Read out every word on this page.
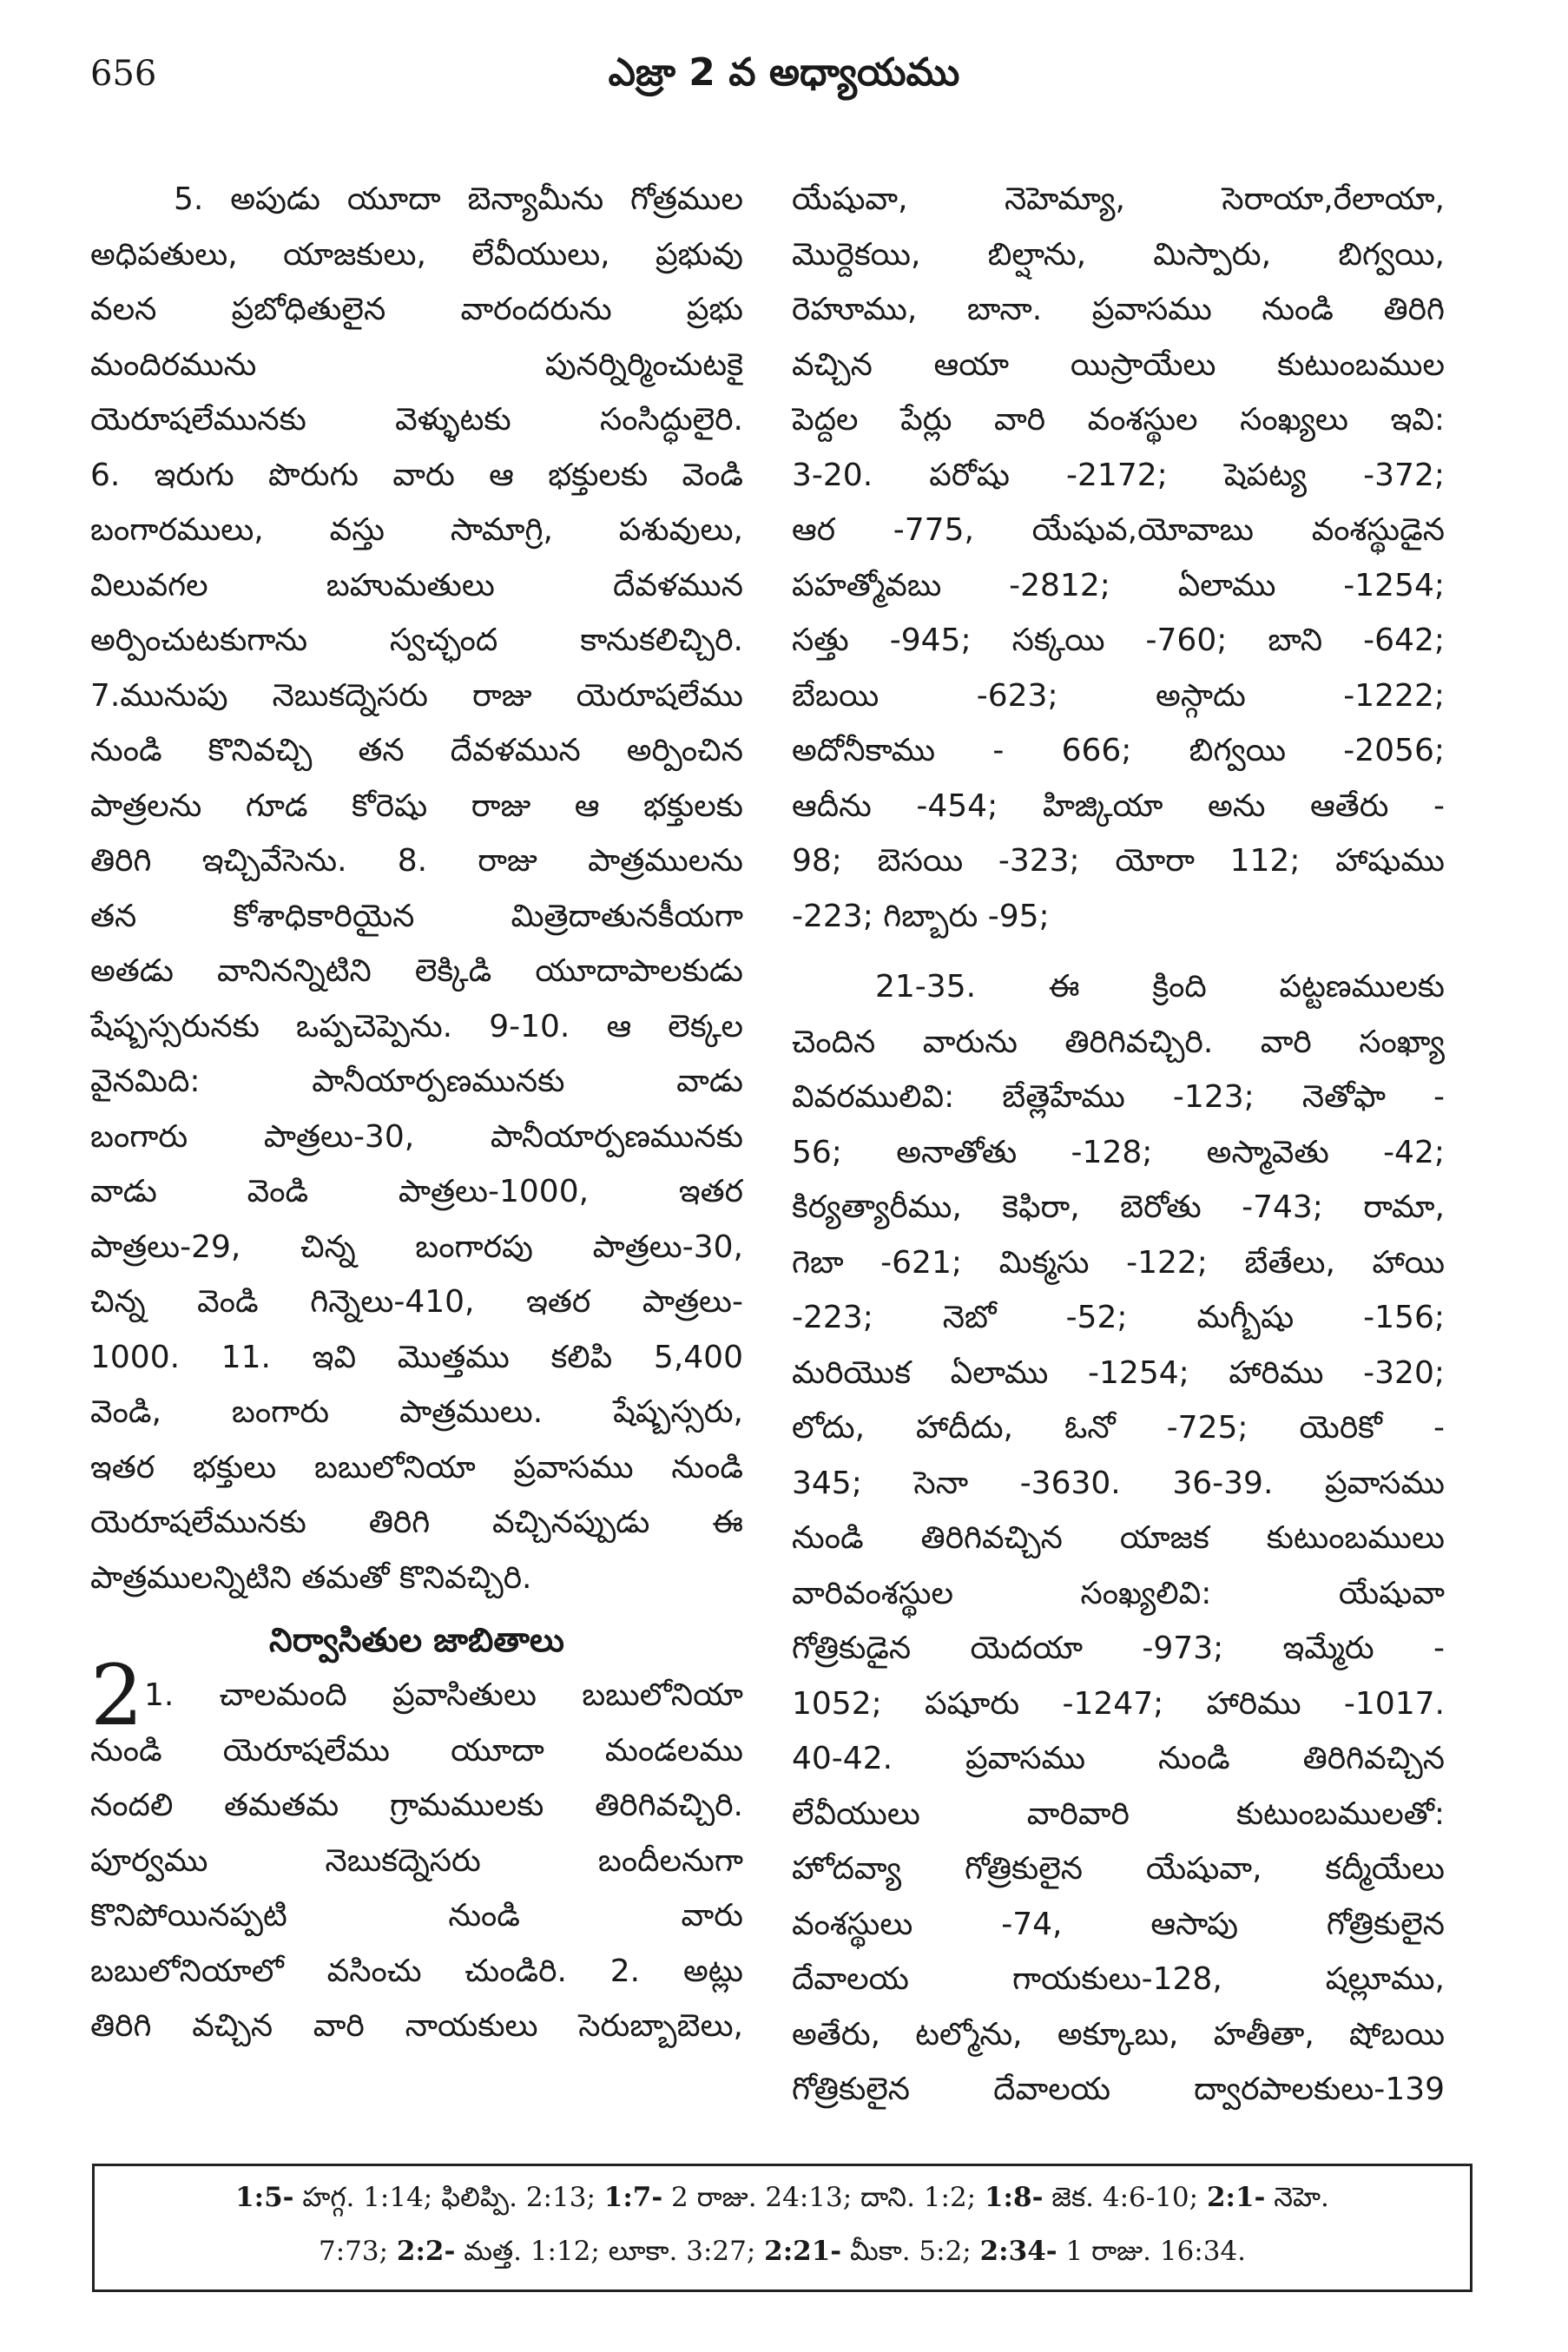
656	ఎజ్రా 2 వ అధ్యాయము
5. అపుడు యూదా బెన్యామీను గోత్రముల
అధిపతులు, యాజకులు, లేవీయులు, ప్రభువు
వలన ప్రబోధితులైన వారందరును ప్రభు
మందిరమును పునర్నిర్మించుటకై
యెరూషలేమునకు వెళ్ళుటకు సంసిద్ధులైరి.
6. ఇరుగు పొరుగు వారు ఆ భక్తులకు వెండి
బంగారములు, వస్తు సామాగ్రి, పశువులు,
విలువగల బహుమతులు దేవళమున
అర్పించుటకుగాను స్వచ్ఛంద కానుకలిచ్చిరి.
7.మునుపు నెబుకద్నెసరు రాజు యెరూషలేము
నుండి కొనివచ్చి తన దేవళమున అర్పించిన
పాత్రలను గూడ కోరెషు రాజు ఆ భక్తులకు
తిరిగి ఇచ్చివేసెను. 8. రాజు పాత్రములను
తన కోశాధికారియైన మిత్రెదాతునకీయగా
అతడు వానినన్నిటిని లెక్కిడి యూదాపాలకుడు
షేష్బస్సరునకు ఒప్పచెప్పెను. 9-10. ఆ లెక్కల
వైనమిది: పానీయార్పణమునకు వాడు
బంగారు పాత్రలు-30, పానీయార్పణమునకు
వాడు వెండి పాత్రలు-1000, ఇతర
పాత్రలు-29, చిన్న బంగారపు పాత్రలు-30,
చిన్న వెండి గిన్నెలు-410, ఇతర పాత్రలు-
1000. 11. ఇవి మొత్తము కలిపి 5,400
వెండి, బంగారు పాత్రములు. షేష్బస్సరు,
ఇతర భక్తులు బబులోనియా ప్రవాసము నుండి
యెరూషలేమునకు తిరిగి వచ్చినప్పుడు ఈ
పాత్రములన్నిటిని తమతో కొనివచ్చిరి.
నిర్వాసితుల జాబితాలు
2 1. చాలమంది ప్రవాసితులు బబులోనియా
నుండి యెరూషలేము యూదా మండలము
నందలి తమతమ గ్రామములకు తిరిగివచ్చిరి.
పూర్వము నెబుకద్నెసరు బందీలనుగా
కొనిపోయినప్పటి నుండి వారు
బబులోనియాలో వసించు చుండిరి. 2. అట్లు
తిరిగి వచ్చిన వారి నాయకులు సెరుబ్బాబెలు,
యేషువా, నెహెమ్యా, సెరాయా,రేలాయా,
మొర్దెకయి, బిల్షాను, మిస్పారు, బిగ్వయి,
రెహూము, బానా. ప్రవాసము నుండి తిరిగి
వచ్చిన ఆయా యిస్రాయేలు కుటుంబముల
పెద్దల పేర్లు వారి వంశస్థుల సంఖ్యలు ఇవి:
3-20. పరోషు -2172; షెపట్య -372;
ఆర -775, యేషువ,యోవాబు వంశస్థుడైన
పహత్మోవబు -2812; ఏలాము -1254;
సత్తు -945; సక్కయి -760; బాని -642;
బేబయి -623; అస్గాదు -1222;
అదోనీకాము - 666; బిగ్వయి -2056;
ఆదీను -454; హిజ్కియా అను ఆతేరు -
98; బెసయి -323; యోరా 112; హాషుము
-223; గిబ్బారు -95;
21-35. ఈ క్రింది పట్టణములకు
చెందిన వారును తిరిగివచ్చిరి. వారి సంఖ్యా
వివరములివి: బేత్లెహేము -123; నెతోఫా -
56; అనాతోతు -128; అస్మావెతు -42;
కిర్యత్యారీము, కెఫిరా, బెరోతు -743; రామా,
గెబా -621; మిక్మసు -122; బేతేలు, హాయి
-223; నెబో -52; మగ్బీషు -156;
మరియొక ఏలాము -1254; హారిము -320;
లోదు, హాదీదు, ఓనో -725; యెరికో -
345; సెనా -3630. 36-39. ప్రవాసము
నుండి తిరిగివచ్చిన యాజక కుటుంబములు
వారివంశస్థుల సంఖ్యలివి: యేషువా
గోత్రికుడైన యెదయా -973; ఇమ్మేరు -
1052; పషూరు -1247; హారిము -1017.
40-42. ప్రవాసము నుండి తిరిగివచ్చిన
లేవీయులు వారివారి కుటుంబములతో:
హోదవ్యా గోత్రికులైన యేషువా, కద్మీయేలు
వంశస్థులు -74, ఆసాపు గోత్రికులైన
దేవాలయ గాయకులు-128, షల్లూము,
అతేరు, టల్మోను, అక్కూబు, హతీతా, షోబయి
గోత్రికులైన దేవాలయ ద్వారపాలకులు-139
1:5- హగ్గ. 1:14; ఫిలిప్పి. 2:13; 1:7- 2 రాజు. 24:13; దాని. 1:2; 1:8- జెక. 4:6-10; 2:1- నెహె.
7:73; 2:2- మత్త. 1:12; లూకా. 3:27; 2:21- మీకా. 5:2; 2:34- 1 రాజు. 16:34.
